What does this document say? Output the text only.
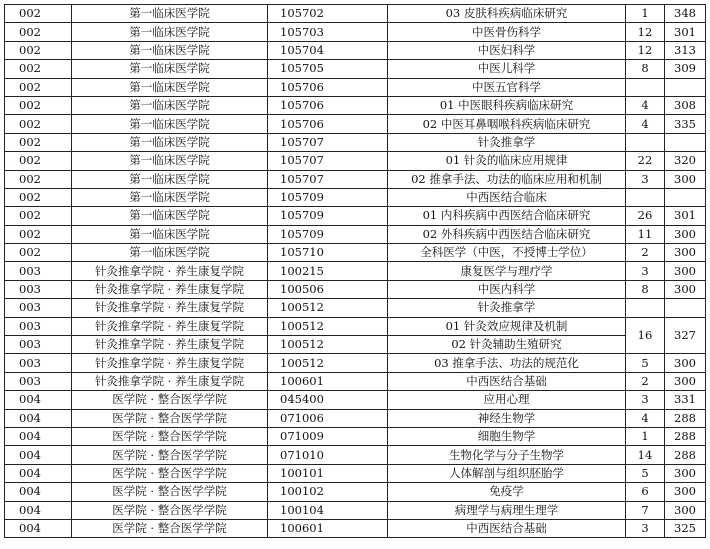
002	第一临床医学院	105702	03 皮肤科疾病临床研究	1	348
002	第一临床医学院	105703	中医骨伤科学	12	301
002	第一临床医学院	105704	中医妇科学	12	313
002	第一临床医学院	105705	中医儿科学	8	309
002	第一临床医学院	105706	中医五官科学		
002	第一临床医学院	105706	01 中医眼科疾病临床研究	4	308
002	第一临床医学院	105706	02 中医耳鼻咽喉科疾病临床研究	4	335
002	第一临床医学院	105707	针灸推拿学		
002	第一临床医学院	105707	01 针灸的临床应用规律	22	320
002	第一临床医学院	105707	02 推拿手法、功法的临床应用和机制	3	300
002	第一临床医学院	105709	中西医结合临床		
002	第一临床医学院	105709	01 内科疾病中西医结合临床研究	26	301
002	第一临床医学院	105709	02 外科疾病中西医结合临床研究	11	300
002	第一临床医学院	105710	全科医学（中医，不授博士学位）	2	300
003	针灸推拿学院 · 养生康复学院	100215	康复医学与理疗学	3	300
003	针灸推拿学院 · 养生康复学院	100506	中医内科学	8	300
003	针灸推拿学院 · 养生康复学院	100512	针灸推拿学		
003	针灸推拿学院 · 养生康复学院	100512	01 针灸效应规律及机制	16	327
003	针灸推拿学院 · 养生康复学院	100512	02 针灸辅助生殖研究		
003	针灸推拿学院 · 养生康复学院	100512	03 推拿手法、功法的规范化	5	300
003	针灸推拿学院 · 养生康复学院	100601	中西医结合基础	2	300
004	医学院 · 整合医学学院	045400	应用心理	3	331
004	医学院 · 整合医学学院	071006	神经生物学	4	288
004	医学院 · 整合医学学院	071009	细胞生物学	1	288
004	医学院 · 整合医学学院	071010	生物化学与分子生物学	14	288
004	医学院 · 整合医学学院	100101	人体解剖与组织胚胎学	5	300
004	医学院 · 整合医学学院	100102	免疫学	6	300
004	医学院 · 整合医学学院	100104	病理学与病理生理学	7	300
004	医学院 · 整合医学学院	100601	中西医结合基础	3	325
